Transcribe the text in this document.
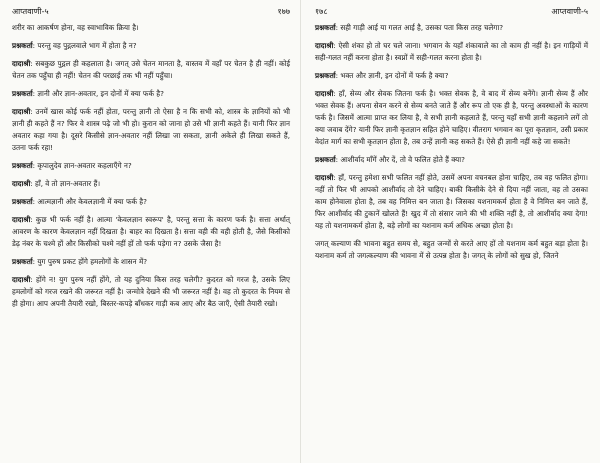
आप्तवाणी-५	१७७

शरीर का आकर्षण होना, वह स्वाभाविक क्रिया है।

प्रश्नकर्ता: परन्तु वह पुद्गलवाले भाग में होता है न?

दादाश्री: सबकुछ पुद्गल ही कहलाता है। जगत् उसे चेतन मानता है, वास्तव में वहाँ पर चेतन है ही नहीं। कोई चेतन तक पहुँचा ही नहीं! चेतन की परछाई तक भी नहीं पहुँचा।

प्रश्नकर्ता: ज्ञानी और ज्ञान-अवतार, इन दोनों में क्या फर्क है?

दादाश्री: उनमें खास कोई फर्क नहीं होता, परन्तु ज्ञानी तो ऐसा है न कि सभी को, शास्त्र के ज्ञानियों को भी ज्ञानी ही कहते हैं न? फिर वे शास्त्र पढ़े जो भी हो। कुरान को जाना हो उसे भी ज्ञानी कहते हैं। यानी फिर ज्ञान अवतार कहा गया है। दूसरे किसीसे ज्ञान-अवतार नहीं लिखा जा सकता, ज्ञानी अकेले ही लिखा सकते हैं, उतना फर्क रहा!

प्रश्नकर्ता: कृपालुदेव ज्ञान-अवतार कहलाएँगे न?

दादाश्री: हाँ, वे तो ज्ञान-अवतार हैं।

प्रश्नकर्ता: आत्मज्ञानी और केवलज्ञानी में क्या फर्क है?

दादाश्री: कुछ भी फर्क नहीं है। आत्मा 'केवलज्ञान स्वरूप' है, परन्तु सत्ता के कारण फर्क है। सत्ता अर्थात् आवरण के कारण केवलज्ञान नहीं दिखता है। बाहर का दिखता है। सत्ता वही की वही होती है, जैसे किसीको डेढ़ नंबर के चश्मे हों और किसीको चश्मे नहीं हों तो फर्क पड़ेगा न? उसके जैसा है!

प्रश्नकर्ता: युग पुरुष प्रकट होंगे हमलोगों के शासन में?

दादाश्री: होंगे न! युग पुरुष नहीं होंगे, तो यह दुनिया किस तरह चलेगी? कुदरत को गरज है, उसके लिए हमलोगों को गरज रखने की जरूरत नहीं है। जन्मोत्रे देखने की भी जरूरत नहीं है। वह तो कुदरत के नियम से ही होगा। आप अपनी तैयारी रखो, बिस्तर-कपड़े बाँधकर गाड़ी कब आए और बैठ जाएँ, ऐसी तैयारी रखो।

१७८	आप्तवाणी-५

प्रश्नकर्ता: सही गाड़ी आई या गलत आई है, उसका पता किस तरह चलेगा?

दादाश्री: ऐसी शंका हो तो घर चले जाना। भगवान के यहाँ शंकावाले का तो काम ही नहीं है। इन गाड़ियों में सही-गलत नहीं करना होता है। स्वप्नों में सही-गलत करना होता है।

प्रश्नकर्ता: भक्त और ज्ञानी, इन दोनों में फर्क है क्या?

दादाश्री: हाँ, सेव्य और सेवक जितना फर्क है। भक्त सेवक है, वे बाद में सेव्य बनेंगे। ज्ञानी सेव्य हैं और भक्त सेवक हैं। अपना सेवन करने से सेव्य बनते जाते हैं और रूप तो एक ही है, परन्तु अवस्थाओं के कारण फर्क है। जिसमें आत्मा प्राप्त कर लिया है, वे सभी ज्ञानी कहलाते हैं, परन्तु यहाँ सभी ज्ञानी कहलाने लगें तो क्या जवाब देंगे? यानी फिर ज्ञानी कृतज्ञान सहित होने चाहिए। वीतराग भगवान का पूरा कृतज्ञान, उसी प्रकार वेदांत मार्ग का सभी कृतज्ञान होता है, तब उन्हें ज्ञानी कह सकते हैं। ऐसे ही ज्ञानी नहीं कहे जा सकते!

प्रश्नकर्ता: आशीर्वाद माँगें और दें, तो वे फलित होते हैं क्या?

दादाश्री: हाँ, परन्तु हमेशा सभी फलित नहीं होते, उसमें अपना वचनबल होना चाहिए, तब वह फलित होगा। नहीं तो फिर भी आपको आशीर्वाद तो देने चाहिए। बाकी किसीके देने से दिया नहीं जाता, वह तो उसका काम होनेवाला होता है, तब वह निमित्त बन जाता है। जिसका यशनामकर्म होता है वे निमित्त बन जाते हैं, फिर आशीर्वाद की टुकानें खोलते हैं! खुद में तो संसार जाने की भी शक्ति नहीं है, तो आशीर्वाद क्या देगा! यह तो यशनामकर्म होता है, बड़े लोगों का यशनाम कर्म अधिक अच्छा होता है।

जगत् कल्याण की भावना बहुत समय से, बहुत जन्मों से करते आए हों तो यशनाम कर्म बहुत बड़ा होता है। यशनाम कर्म तो जगत्कल्याण की भावना में से उत्पन्न होता है। जगत् के लोगों को सुख हो, जितने
